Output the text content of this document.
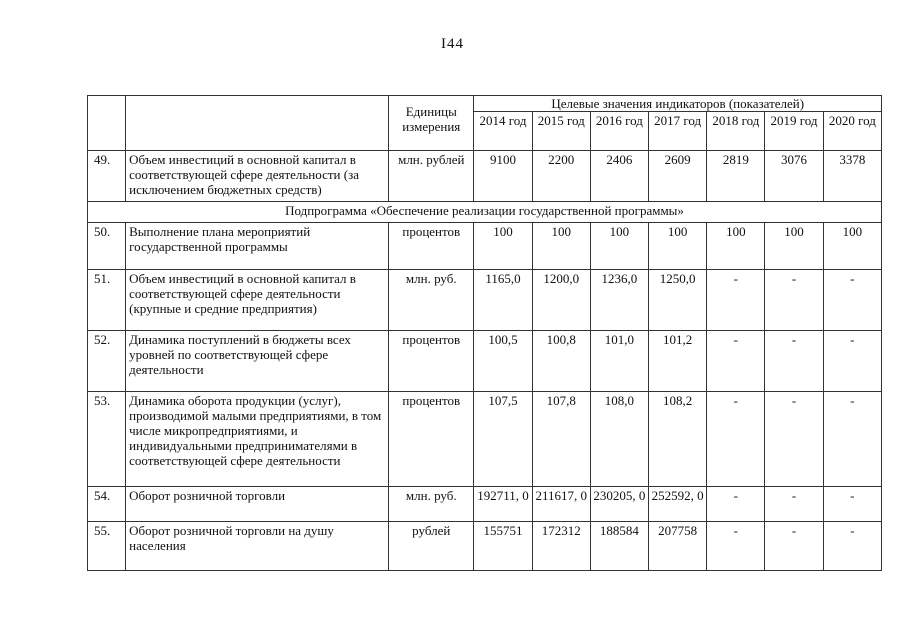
I44
		Единицы измерения	Целевые значения индикаторов (показателей)						
			2014 год	2015 год	2016 год	2017 год	2018 год	2019 год	2020 год
49.	Объем инвестиций в основной капитал в соответствующей сфере деятельности (за исключением бюджетных средств)	млн. рублей	9100	2200	2406	2609	2819	3076	3378
Подпрограмма «Обеспечение реализации государственной программы»									
50.	Выполнение плана мероприятий государственной программы	процентов	100	100	100	100	100	100	100
51.	Объем инвестиций в основной капитал в соответствующей сфере деятельности (крупные и средние предприятия)	млн. руб.	1165,0	1200,0	1236,0	1250,0	-	-	-
52.	Динамика поступлений в бюджеты всех уровней по соответствующей сфере деятельности	процентов	100,5	100,8	101,0	101,2	-	-	-
53.	Динамика оборота продукции (услуг), производимой малыми предприятиями, в том числе микропредприятиями, и индивидуальными предпринимателями в соответствующей сфере деятельности	процентов	107,5	107,8	108,0	108,2	-	-	-
54.	Оборот розничной торговли	млн. руб.	192711, 0	211617, 0	230205, 0	252592, 0	-	-	-
55.	Оборот розничной торговли на душу населения	рублей	155751	172312	188584	207758	-	-	-
